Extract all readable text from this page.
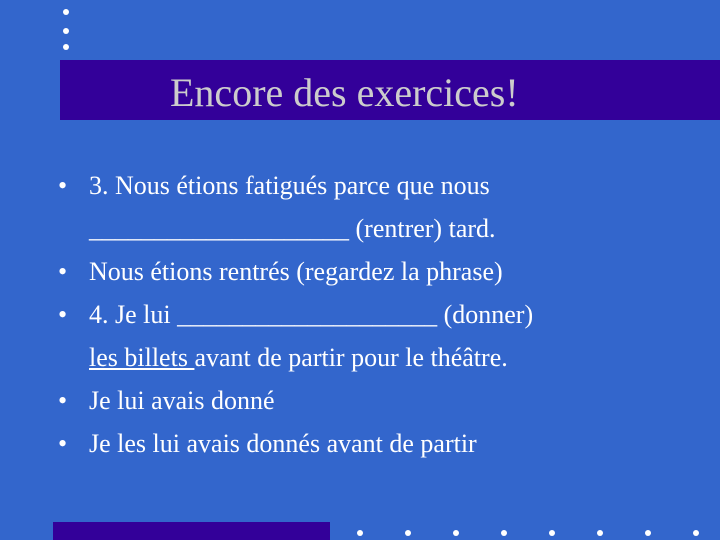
Encore des exercices!
• 3. Nous étions fatigués parce que nous
____________________ (rentrer) tard.
• Nous étions rentrés (regardez la phrase)
• 4. Je lui ____________________ (donner)
les billets avant de partir pour le théâtre.
• Je lui avais donné
• Je les lui avais donnés avant de partir
